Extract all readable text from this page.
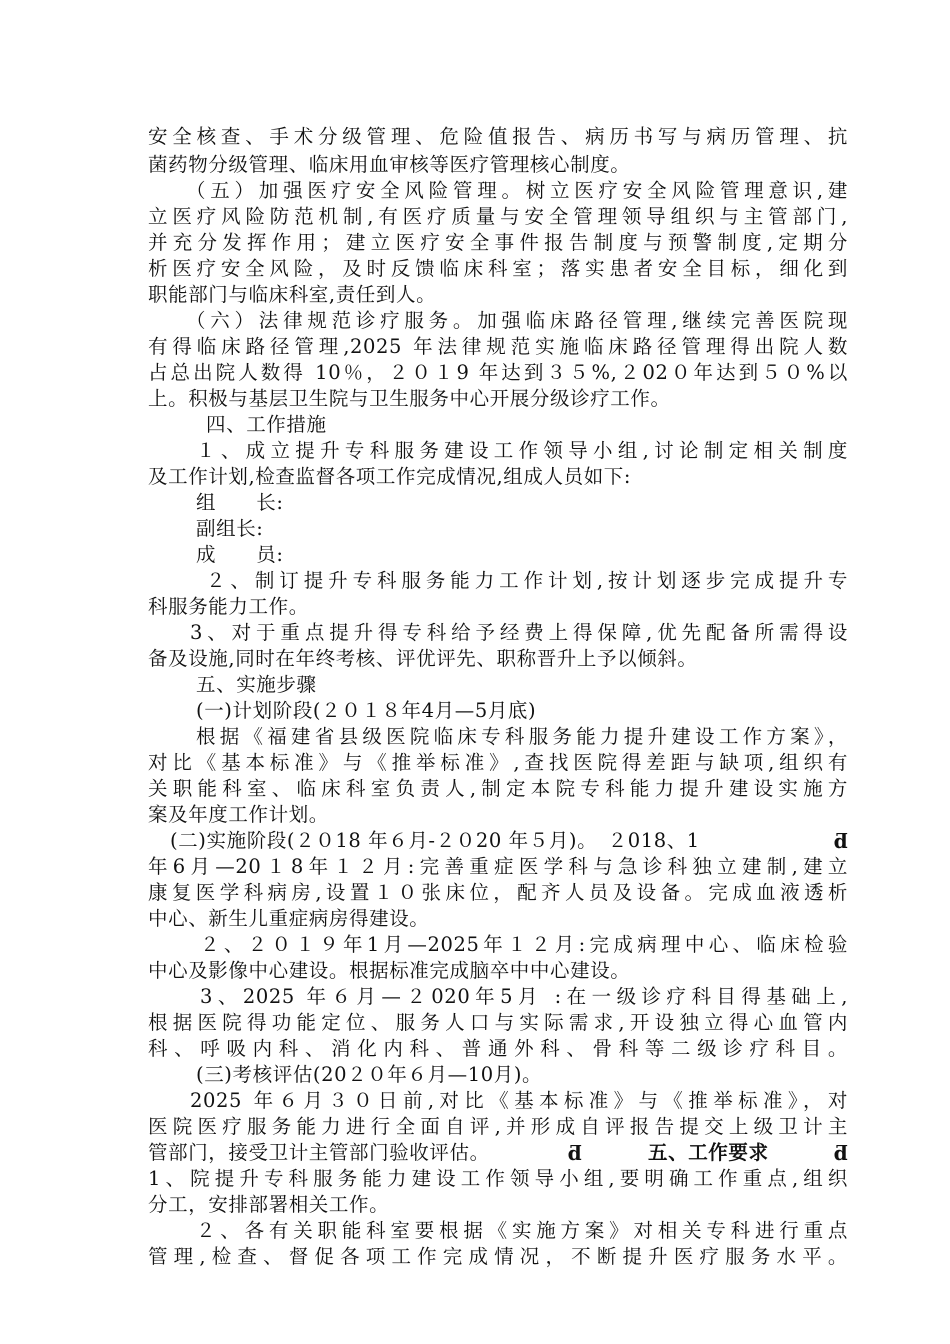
安全核查、手术分级管理、危险值报告、病历书写与病历管理、抗
菌药物分级管理、临床用血审核等医疗管理核心制度。
（五）加强医疗安全风险管理。树立医疗安全风险管理意识,建
立医疗风险防范机制,有医疗质量与安全管理领导组织与主管部门,
并充分发挥作用；建立医疗安全事件报告制度与预警制度,定期分
析医疗安全风险，及时反馈临床科室；落实患者安全目标，细化到
职能部门与临床科室,责任到人。
（六）法律规范诊疗服务。加强临床路径管理,继续完善医院现
有得临床路径管理,2025 年法律规范实施临床路径管理得出院人数
占总出院人数得 10％，２０１9 年达到３５%,２02０年达到５０%以
上。积极与基层卫生院与卫生服务中心开展分级诊疗工作。
四、工作措施
１、成立提升专科服务建设工作领导小组,讨论制定相关制度
及工作计划,检查监督各项工作完成情况,组成人员如下:
组　　长:
副组长:
成　　员:
２、制订提升专科服务能力工作计划,按计划逐步完成提升专
科服务能力工作。
3、对于重点提升得专科给予经费上得保障,优先配备所需得设
备及设施,同时在年终考核、评优评先、职称晋升上予以倾斜。
五、实施步骤
(一)计划阶段(２０１８年4月—5月底)
根据《福建省县级医院临床专科服务能力提升建设工作方案》，
对比《基本标准》与《推举标准》,查找医院得差距与缺项,组织有
关职能科室、临床科室负责人,制定本院专科能力提升建设实施方
案及年度工作计划。
(二)实施阶段(２０18 年６月-２０20 年５月)。　２018、1	ƌ
年6月—20１8年１２月:完善重症医学科与急诊科独立建制,建立
康复医学科病房,设置１０张床位，配齐人员及设备。完成血液透析
中心、新生儿重症病房得建设。
２、２０１９年1月—2025年１２月:完成病理中心、临床检验
中心及影像中心建设。根据标准完成脑卒中中心建设。
3、2025 年６月—２020年5月 :在一级诊疗科目得基础上,
根据医院得功能定位、服务人口与实际需求,开设独立得心血管内
科、呼吸内科、消化内科、普通外科、骨科等二级诊疗科目。
(三)考核评估(20２０年６月—10月)。
2025 年６月３０日前,对比《基本标准》与《推举标准》，对
医院医疗服务能力进行全面自评,并形成自评报告提交上级卫计主
管部门，接受卫计主管部门验收评估。	ƌ	五、工作要求	ƌ
1、院提升专科服务能力建设工作领导小组,要明确工作重点,组织
分工，安排部署相关工作。
２、各有关职能科室要根据《实施方案》对相关专科进行重点
管理,检查、督促各项工作完成情况，不断提升医疗服务水平。
